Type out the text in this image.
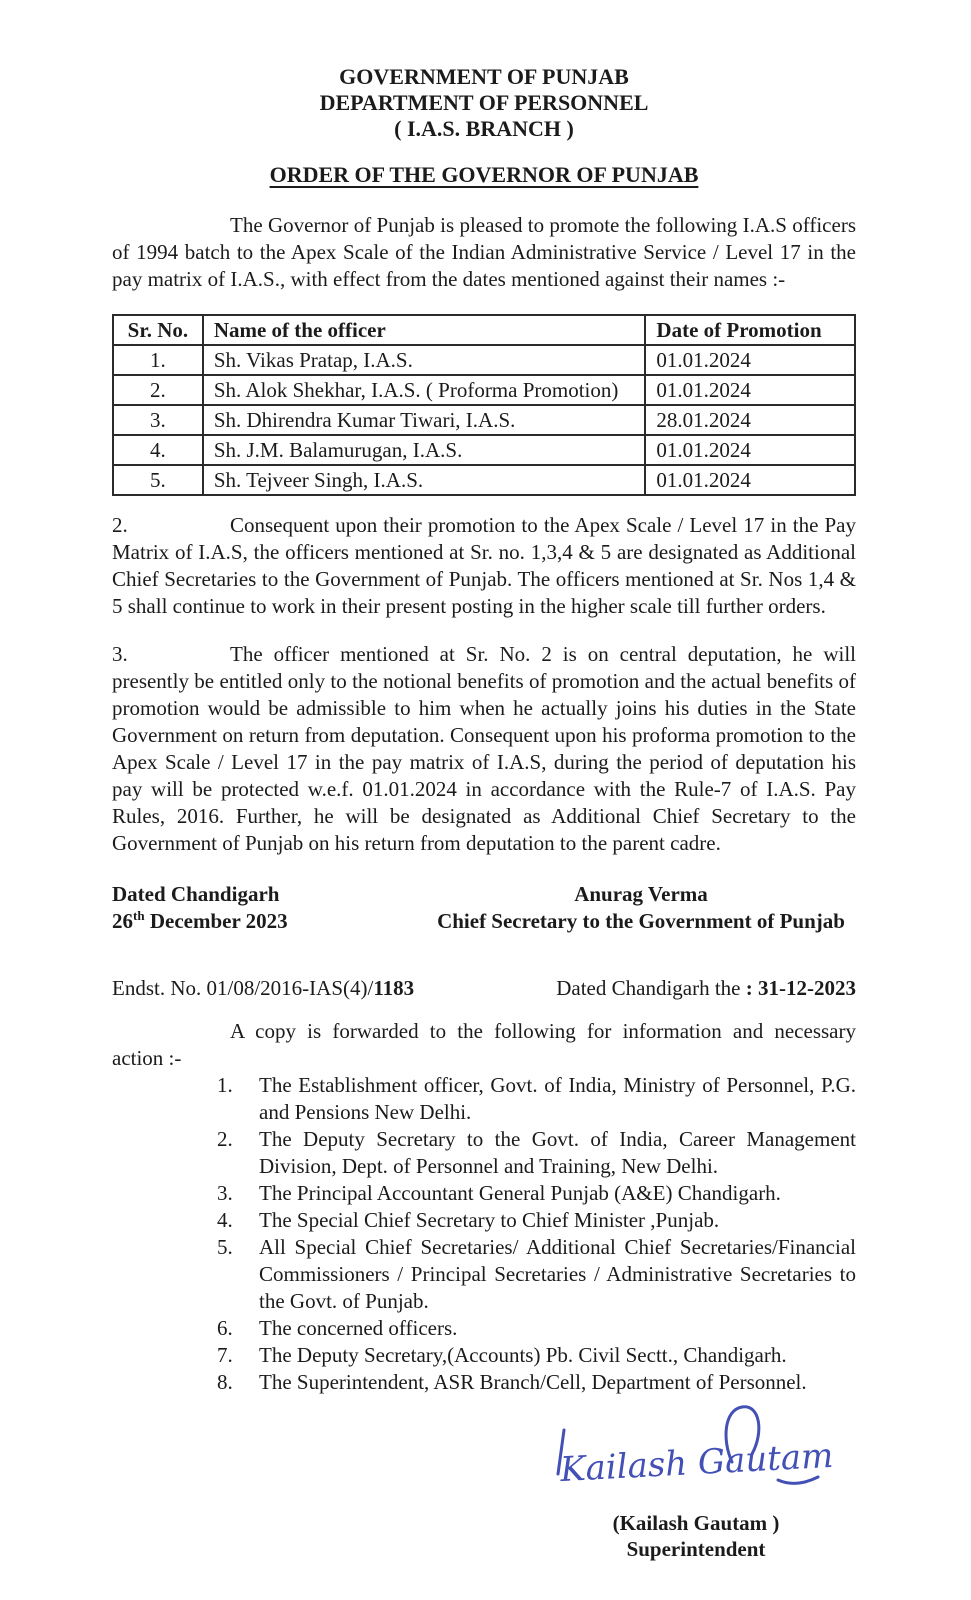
GOVERNMENT OF PUNJAB
DEPARTMENT OF PERSONNEL
( I.A.S. BRANCH )
ORDER OF THE GOVERNOR OF PUNJAB

The Governor of Punjab is pleased to promote the following I.A.S officers of 1994 batch to the Apex Scale of the Indian Administrative Service / Level 17 in the pay matrix of I.A.S., with effect from the dates mentioned against their names :-

Sr. No.	Name of the officer	Date of Promotion
1.	Sh. Vikas Pratap, I.A.S.	01.01.2024
2.	Sh. Alok Shekhar, I.A.S. ( Proforma Promotion)	01.01.2024
3.	Sh. Dhirendra Kumar Tiwari, I.A.S.	28.01.2024
4.	Sh. J.M. Balamurugan, I.A.S.	01.01.2024
5.	Sh. Tejveer Singh, I.A.S.	01.01.2024

2.	Consequent upon their promotion to the Apex Scale / Level 17 in the Pay Matrix of I.A.S, the officers mentioned at Sr. no. 1,3,4 & 5 are designated as Additional Chief Secretaries to the Government of Punjab. The officers mentioned at Sr. Nos 1,4 & 5 shall continue to work in their present posting in the higher scale till further orders.

3.	The officer mentioned at Sr. No. 2 is on central deputation, he will presently be entitled only to the notional benefits of promotion and the actual benefits of promotion would be admissible to him when he actually joins his duties in the State Government on return from deputation. Consequent upon his proforma promotion to the Apex Scale / Level 17 in the pay matrix of I.A.S, during the period of deputation his pay will be protected w.e.f. 01.01.2024 in accordance with the Rule-7 of I.A.S. Pay Rules, 2016. Further, he will be designated as Additional Chief Secretary to the Government of Punjab on his return from deputation to the parent cadre.

Dated Chandigarh
26th December 2023
Anurag Verma
Chief Secretary to the Government of Punjab
Endst. No. 01/08/2016-IAS(4)/1183	Dated Chandigarh the : 31-12-2023
A copy is forwarded to the following for information and necessary
action :-
1. The Establishment officer, Govt. of India, Ministry of Personnel, P.G. and Pensions New Delhi.
2. The Deputy Secretary to the Govt. of India, Career Management Division, Dept. of Personnel and Training, New Delhi.
3. The Principal Accountant General Punjab (A&E) Chandigarh.
4. The Special Chief Secretary to Chief Minister ,Punjab.
5. All Special Chief Secretaries/ Additional Chief Secretaries/Financial Commissioners / Principal Secretaries / Administrative Secretaries to the Govt. of Punjab.
6. The concerned officers.
7. The Deputy Secretary,(Accounts) Pb. Civil Sectt., Chandigarh.
8. The Superintendent, ASR Branch/Cell, Department of Personnel.
Kailash Gautam
(Kailash Gautam )
Superintendent
